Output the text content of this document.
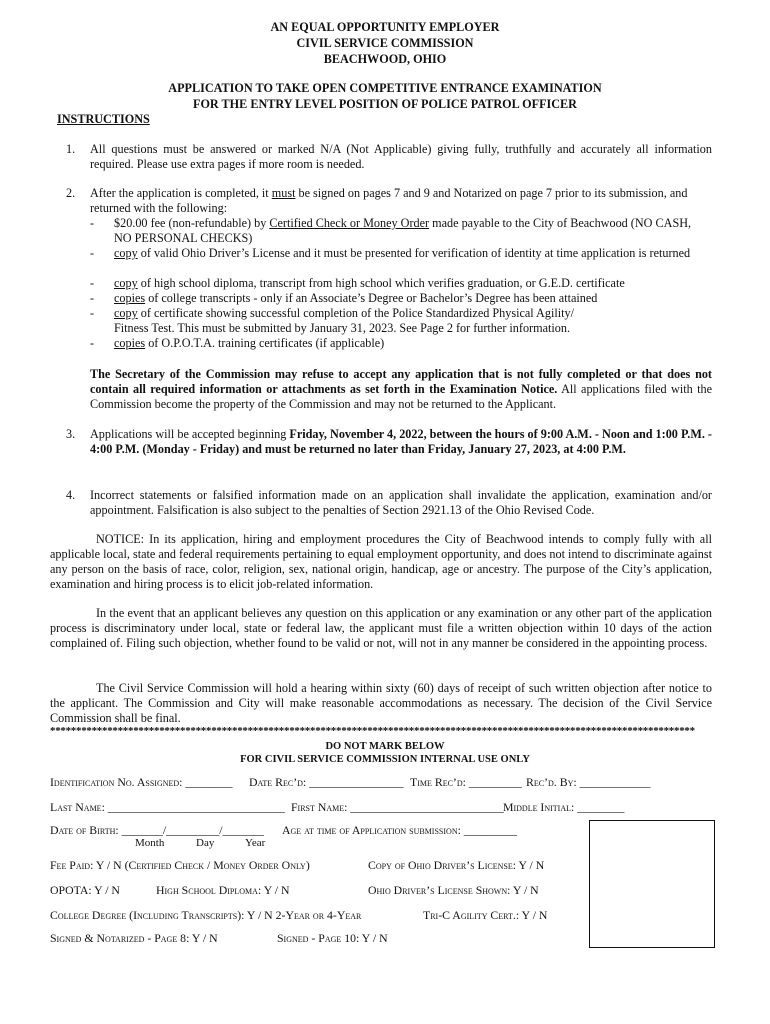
AN EQUAL OPPORTUNITY EMPLOYER
CIVIL SERVICE COMMISSION
BEACHWOOD, OHIO
APPLICATION TO TAKE OPEN COMPETITIVE ENTRANCE EXAMINATION
FOR THE ENTRY LEVEL POSITION OF POLICE PATROL OFFICER
INSTRUCTIONS
1. All questions must be answered or marked N/A (Not Applicable) giving fully, truthfully and accurately all information required. Please use extra pages if more room is needed.
2. After the application is completed, it must be signed on pages 7 and 9 and Notarized on page 7 prior to its submission, and returned with the following:
- $20.00 fee (non-refundable) by Certified Check or Money Order made payable to the City of Beachwood (NO CASH, NO PERSONAL CHECKS)
- copy of valid Ohio Driver’s License and it must be presented for verification of identity at time application is returned
- copy of high school diploma, transcript from high school which verifies graduation, or G.E.D. certificate
- copies of college transcripts - only if an Associate’s Degree or Bachelor’s Degree has been attained
- copy of certificate showing successful completion of the Police Standardized Physical Agility/
Fitness Test. This must be submitted by January 31, 2023. See Page 2 for further information.
- copies of O.P.O.T.A. training certificates (if applicable)
The Secretary of the Commission may refuse to accept any application that is not fully completed or that does not contain all required information or attachments as set forth in the Examination Notice. All applications filed with the Commission become the property of the Commission and may not be returned to the Applicant.
3. Applications will be accepted beginning Friday, November 4, 2022, between the hours of 9:00 A.M. - Noon and 1:00 P.M. - 4:00 P.M. (Monday - Friday) and must be returned no later than Friday, January 27, 2023, at 4:00 P.M.
4. Incorrect statements or falsified information made on an application shall invalidate the application, examination and/or appointment. Falsification is also subject to the penalties of Section 2921.13 of the Ohio Revised Code.
NOTICE: In its application, hiring and employment procedures the City of Beachwood intends to comply fully with all applicable local, state and federal requirements pertaining to equal employment opportunity, and does not intend to discriminate against any person on the basis of race, color, religion, sex, national origin, handicap, age or ancestry. The purpose of the City’s application, examination and hiring process is to elicit job-related information.
In the event that an applicant believes any question on this application or any examination or any other part of the application process is discriminatory under local, state or federal law, the applicant must file a written objection within 10 days of the action complained of. Filing such objection, whether found to be valid or not, will not in any manner be considered in the appointing process.
The Civil Service Commission will hold a hearing within sixty (60) days of receipt of such written objection after notice to the applicant. The Commission and City will make reasonable accommodations as necessary. The decision of the Civil Service Commission shall be final.
****************************************************************************************************************************
DO NOT MARK BELOW
FOR CIVIL SERVICE COMMISSION INTERNAL USE ONLY
Identification No. Assigned: ________ Date Rec’d: ________________ Time Rec’d: _________ Rec’d. By: ____________
Last Name: ______________________________ First Name: __________________________ Middle Initial: ________
Date of Birth: _______/_________/_______ Age at time of Application submission: _________
Month	Day	Year
Fee Paid: Y / N (Certified Check / Money Order Only)	Copy of Ohio Driver’s License: Y / N
OPOTA: Y / N	High School Diploma: Y / N	Ohio Driver’s License Shown: Y / N
College Degree (Including Transcripts): Y / N 2-Year or 4-Year	Tri-C Agility Cert.: Y / N
Signed & Notarized - Page 8: Y / N	Signed - Page 10: Y / N
